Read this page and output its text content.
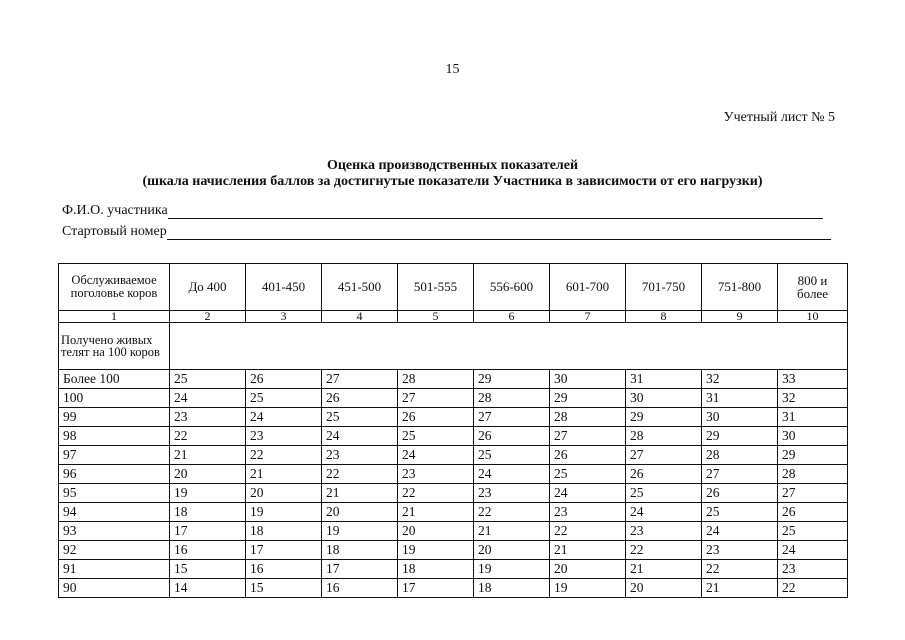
15
Учетный лист № 5
Оценка производственных показателей
(шкала начисления баллов за достигнутые показатели Участника в зависимости от его нагрузки)
Ф.И.О. участника
Стартовый номер
Обслуживаемое поголовье коров	До 400	401-450	451-500	501-555	556-600	601-700	701-750	751-800	800 и более
1	2	3	4	5	6	7	8	9	10
Получено живых телят на 100 коров									
Более 100	25	26	27	28	29	30	31	32	33
100	24	25	26	27	28	29	30	31	32
99	23	24	25	26	27	28	29	30	31
98	22	23	24	25	26	27	28	29	30
97	21	22	23	24	25	26	27	28	29
96	20	21	22	23	24	25	26	27	28
95	19	20	21	22	23	24	25	26	27
94	18	19	20	21	22	23	24	25	26
93	17	18	19	20	21	22	23	24	25
92	16	17	18	19	20	21	22	23	24
91	15	16	17	18	19	20	21	22	23
90	14	15	16	17	18	19	20	21	22
